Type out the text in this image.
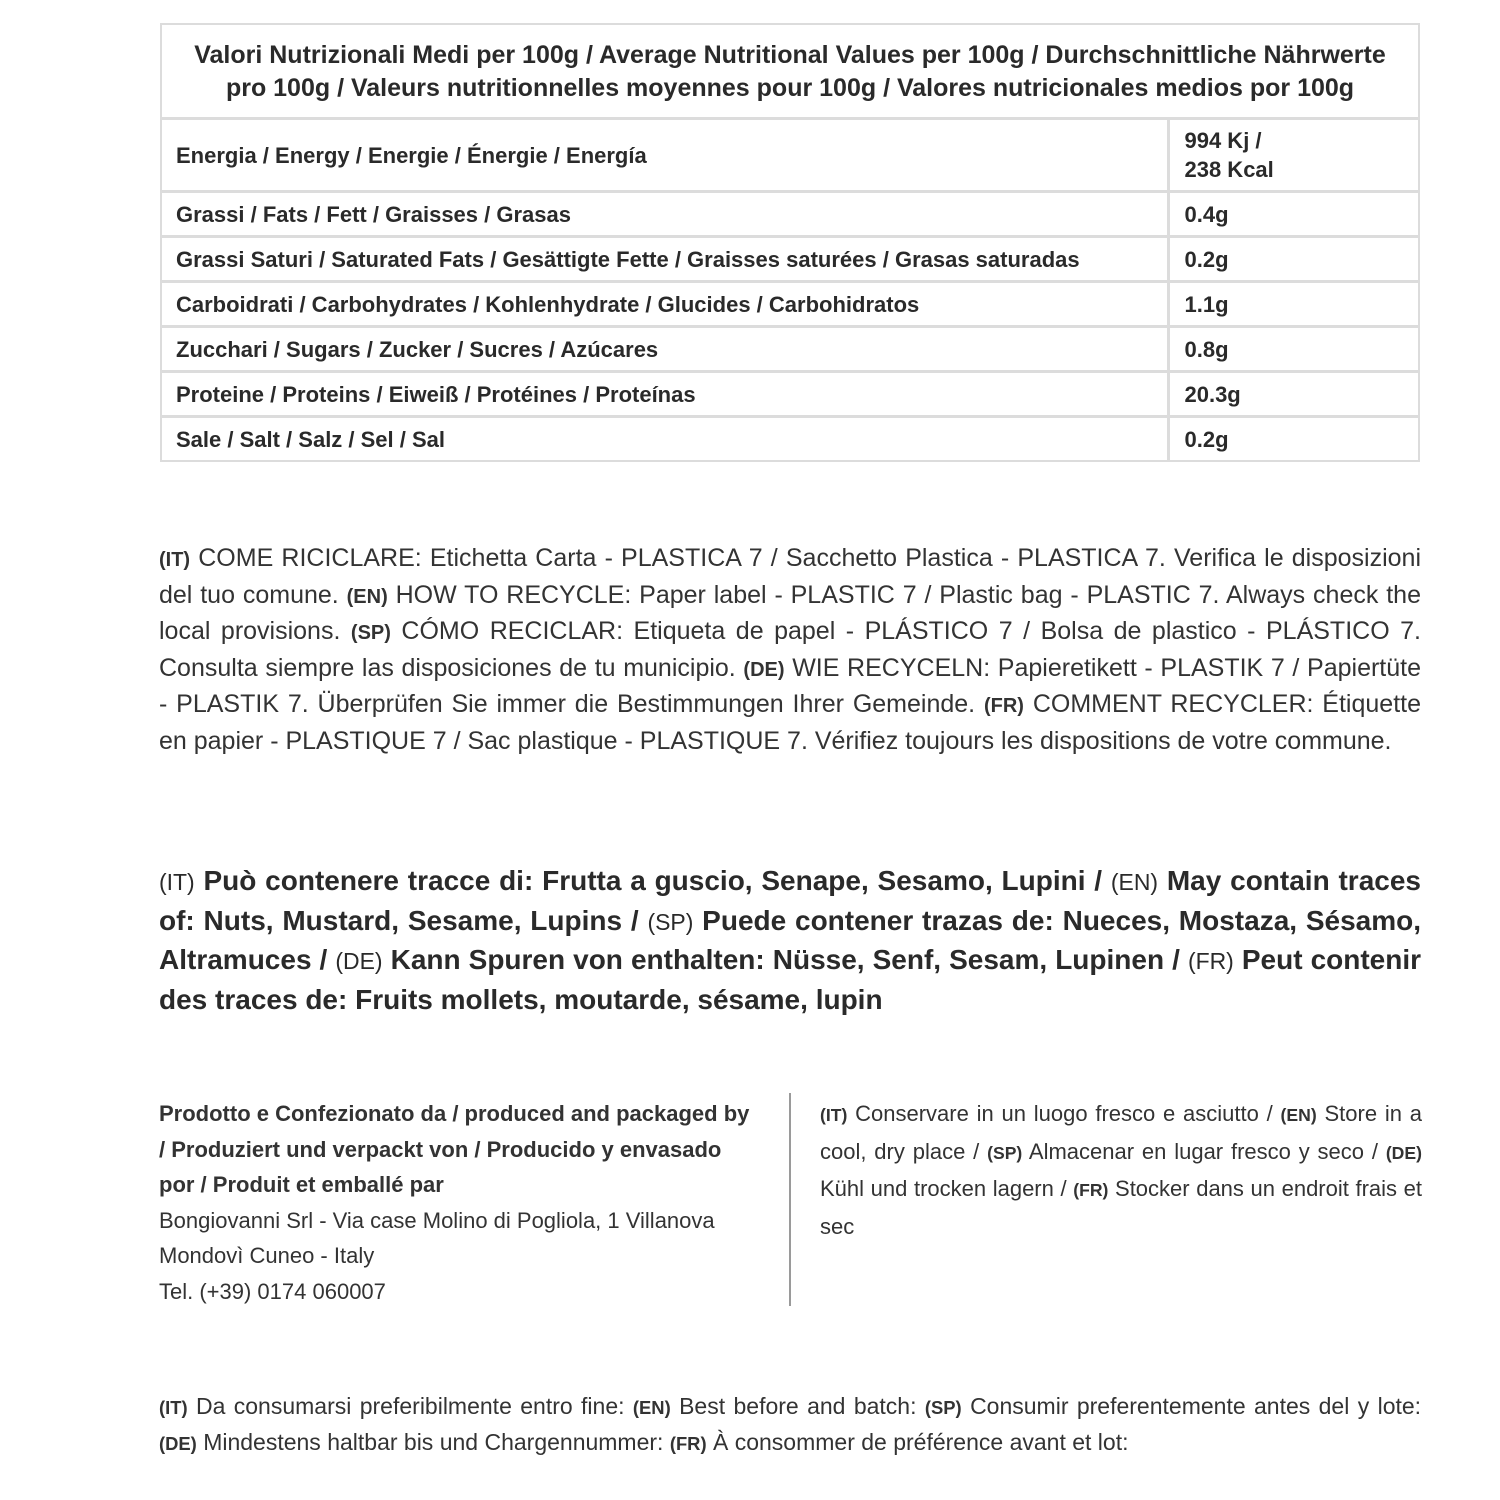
Valori Nutrizionali Medi per 100g / Average Nutritional Values per 100g / Durchschnittliche Nährwerte
pro 100g / Valeurs nutritionnelles moyennes pour 100g / Valores nutricionales medios por 100g	
Energia / Energy / Energie / Énergie / Energía	994 Kj /
238 Kcal
Grassi / Fats / Fett / Graisses / Grasas	0.4g
Grassi Saturi / Saturated Fats / Gesättigte Fette / Graisses saturées / Grasas saturadas	0.2g
Carboidrati / Carbohydrates / Kohlenhydrate / Glucides / Carbohidratos	1.1g
Zucchari / Sugars / Zucker / Sucres / Azúcares	0.8g
Proteine / Proteins / Eiweiß / Protéines / Proteínas	20.3g
Sale / Salt / Salz / Sel / Sal	0.2g

(IT) COME RICICLARE: Etichetta Carta - PLASTICA 7 / Sacchetto Plastica - PLASTICA 7. Verifica le disposizioni del tuo comune. (EN) HOW TO RECYCLE: Paper label - PLASTIC 7 / Plastic bag - PLASTIC 7. Always check the local provisions. (SP) CÓMO RECICLAR: Etiqueta de papel - PLÁSTICO 7 / Bolsa de plastico - PLÁSTICO 7. Consulta siempre las disposiciones de tu municipio. (DE) WIE RECYCELN: Papieretikett - PLASTIK 7 / Papiertüte - PLASTIK 7. Überprüfen Sie immer die Bestimmungen Ihrer Gemeinde. (FR) COMMENT RECYCLER: Étiquette en papier - PLASTIQUE 7 / Sac plastique - PLASTIQUE 7. Vérifiez toujours les dispositions de votre commune.

(IT) Può contenere tracce di: Frutta a guscio, Senape, Sesamo, Lupini / (EN) May contain traces of: Nuts, Mustard, Sesame, Lupins / (SP) Puede contener trazas de: Nueces, Mostaza, Sésamo, Altramuces / (DE) Kann Spuren von enthalten: Nüsse, Senf, Sesam, Lupinen / (FR) Peut contenir des traces de: Fruits mollets, moutarde, sésame, lupin

Prodotto e Confezionato da / produced and packaged by
/ Produziert und verpackt von / Producido y envasado
por / Produit et emballé par
Bongiovanni Srl - Via case Molino di Pogliola, 1 Villanova
Mondovì Cuneo - Italy
Tel. (+39) 0174 060007
(IT) Conservare in un luogo fresco e asciutto / (EN) Store in a cool, dry place / (SP) Almacenar en lugar fresco y seco / (DE) Kühl und trocken lagern / (FR) Stocker dans un endroit frais et sec
(IT) Da consumarsi preferibilmente entro fine: (EN) Best before and batch: (SP) Consumir preferentemente antes del y lote: (DE) Mindestens haltbar bis und Chargennummer: (FR) À consommer de préférence avant et lot:
